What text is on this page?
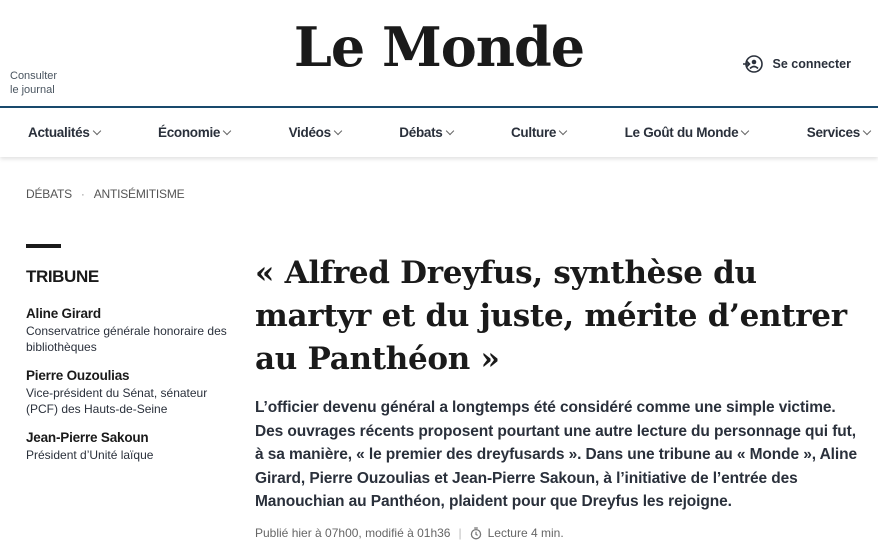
Consulter
le journal
Le Monde	Se connecter
Actualités	Économie	Vidéos	Débats	Culture	Le Goût du Monde	Services
DÉBATS · ANTISÉMITISME
TRIBUNE
Aline Girard
Conservatrice générale honoraire des bibliothèques
Pierre Ouzoulias
Vice-président du Sénat, sénateur (PCF) des Hauts-de-Seine
Jean-Pierre Sakoun
Président d’Unité laïque
« Alfred Dreyfus, synthèse du martyr et du juste, mérite d’entrer au Panthéon »

L’officier devenu général a longtemps été considéré comme une simple victime. Des ouvrages récents proposent pourtant une autre lecture du personnage qui fut, à sa manière, « le premier des dreyfusards ». Dans une tribune au « Monde », Aline Girard, Pierre Ouzoulias et Jean-Pierre Sakoun, à l’initiative de l’entrée des Manouchian au Panthéon, plaident pour que Dreyfus les rejoigne.

Publié hier à 07h00, modifié à 01h36 | Lecture 4 min.
